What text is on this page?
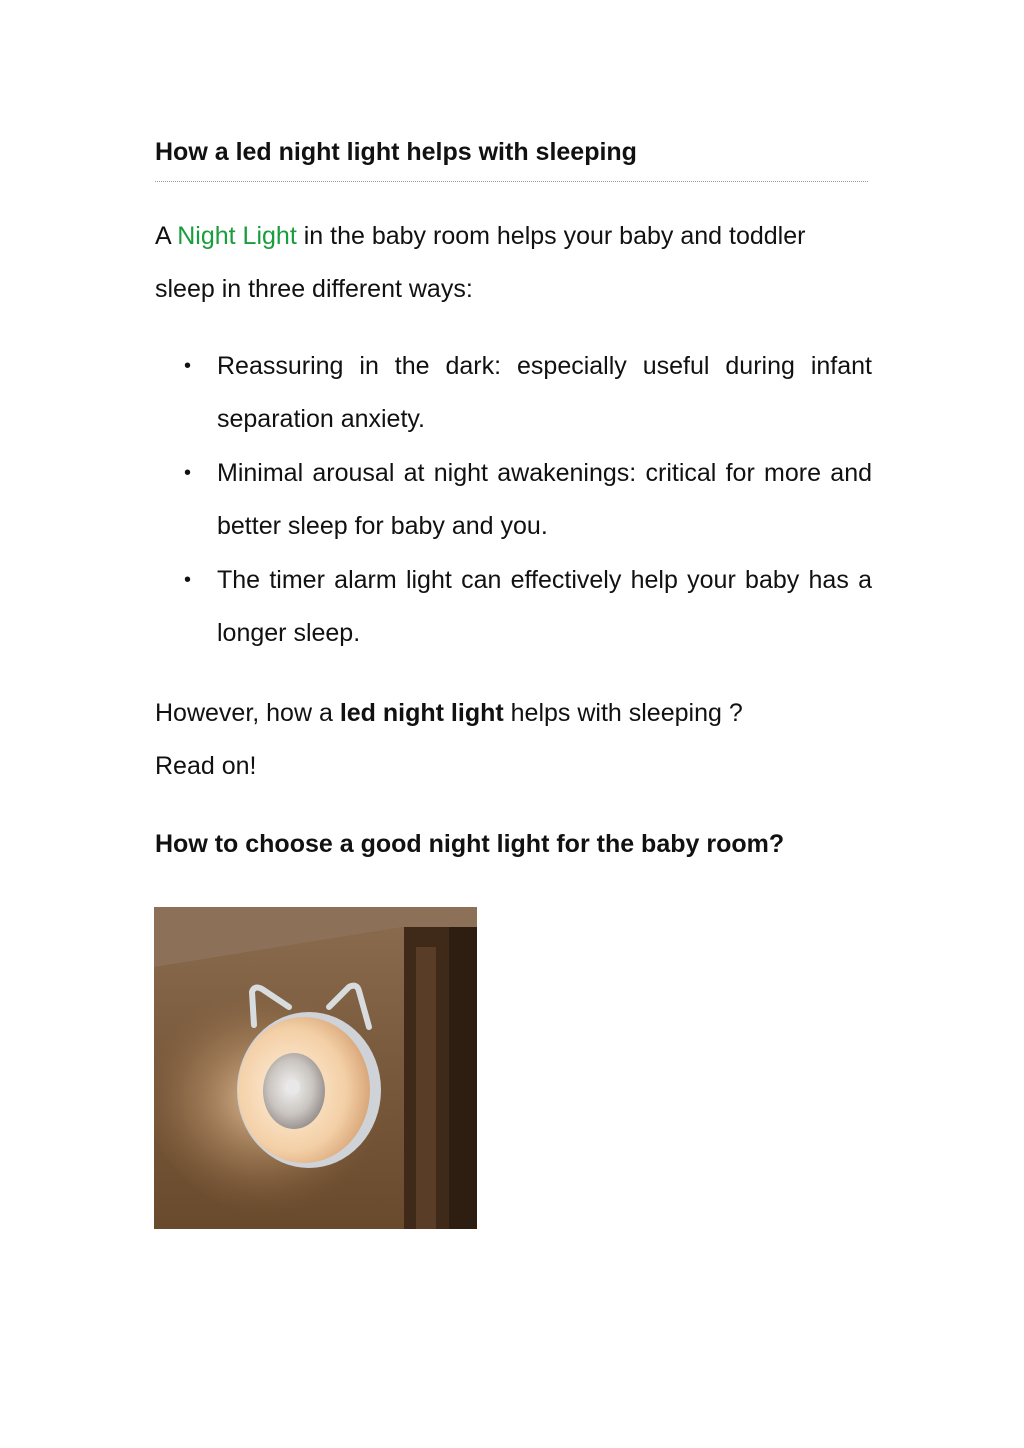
How a led night light helps with sleeping

A Night Light in the baby room helps your baby and toddler sleep in three different ways:

• Reassuring in the dark: especially useful during infant separation anxiety.
• Minimal arousal at night awakenings: critical for more and better sleep for baby and you.
• The timer alarm light can effectively help your baby has a longer sleep.

However, how a led night light helps with sleeping ?

Read on!

How to choose a good night light for the baby room?
